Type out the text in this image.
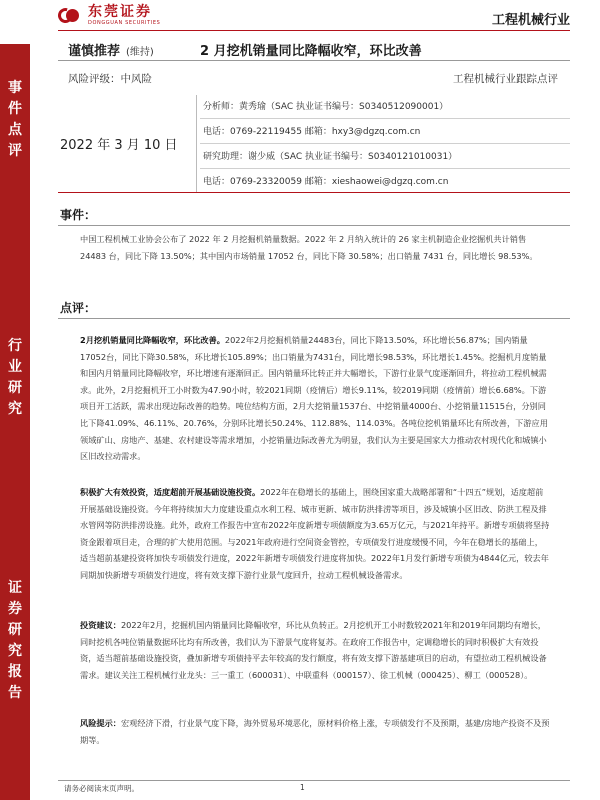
东莞证券
DONGGUAN SECURITIES	工程机械行业
事件点评
行业研究
证券研究报告
谨慎推荐 (维持)	2 月挖机销量同比降幅收窄，环比改善
风险评级：中风险	工程机械行业跟踪点评
2022 年 3 月 10 日
分析师：黄秀瑜（SAC 执业证书编号：S0340512090001）
电话：0769-22119455 邮箱：hxy3@dgzq.com.cn
研究助理：谢少威（SAC 执业证书编号：S0340121010031）
电话：0769-23320059 邮箱：xieshaowei@dgzq.com.cn
事件：
中国工程机械工业协会公布了 2022 年 2 月挖掘机销量数据。2022 年 2 月纳入统计的 26 家主机制造企业挖掘机共计销售 24483 台，同比下降 13.50%；其中国内市场销量 17052 台，同比下降 30.58%；出口销量 7431 台，同比增长 98.53%。
点评：
2月挖机销量同比降幅收窄，环比改善。2022年2月挖掘机销量24483台，同比下降13.50%，环比增长56.87%；国内销量17052台，同比下降30.58%，环比增长105.89%；出口销量为7431台，同比增长98.53%，环比增长1.45%。挖掘机月度销量和国内月销量同比降幅收窄，环比增速有逐渐回正。国内销量环比转正并大幅增长，下游行业景气度逐渐回升，将拉动工程机械需求。此外，2月挖掘机开工小时数为47.90小时，较2021同期（疫情后）增长9.11%，较2019同期（疫情前）增长6.68%。下游项目开工活跃，需求出现边际改善的趋势。吨位结构方面，2月大挖销量1537台、中挖销量4000台、小挖销量11515台，分别同比下降41.09%、46.11%、20.76%，分别环比增长50.24%、112.88%、114.03%。各吨位挖机销量环比有所改善，下游应用领域矿山、房地产、基建、农村建设等需求增加，小挖销量边际改善尤为明显，我们认为主要是国家大力推动农村现代化和城镇小区旧改拉动需求。
积极扩大有效投资，适度超前开展基础设施投资。2022年在稳增长的基础上，围绕国家重大战略部署和“十四五”规划，适度超前开展基础设施投资。今年将持续加大力度建设重点水利工程、城市更新、城市防洪排涝等项目，涉及城镇小区旧改、防洪工程及排水管网等防洪排涝设施。此外，政府工作报告中宣布2022年度新增专项债额度为3.65万亿元，与2021年持平。新增专项债将坚持资金跟着项目走，合理的扩大使用范围。与2021年政府进行空间资金管控，专项债发行进度缓慢不同，今年在稳增长的基础上，适当超前基建投资将加快专项债发行进度，2022年新增专项债发行进度将加快。2022年1月发行新增专项债为4844亿元，较去年同期加快新增专项债发行进度，将有效支撑下游行业景气度回升，拉动工程机械设备需求。
投资建议：2022年2月，挖掘机国内销量同比降幅收窄，环比从负转正。2月挖机开工小时数较2021年和2019年同期均有增长，同时挖机各吨位销量数据环比均有所改善，我们认为下游景气度将复苏。在政府工作报告中，定调稳增长的同时积极扩大有效投资，适当超前基础设施投资，叠加新增专项债持平去年较高的发行额度，将有效支撑下游基建项目的启动，有望拉动工程机械设备需求。建议关注工程机械行业龙头：三一重工（600031）、中联重科（000157）、徐工机械（000425）、柳工（000528）。
风险提示：宏观经济下滑，行业景气度下降，海外贸易环境恶化，原材料价格上涨，专项债发行不及预期，基建/房地产投资不及预期等。
请务必阅读末页声明。	1
